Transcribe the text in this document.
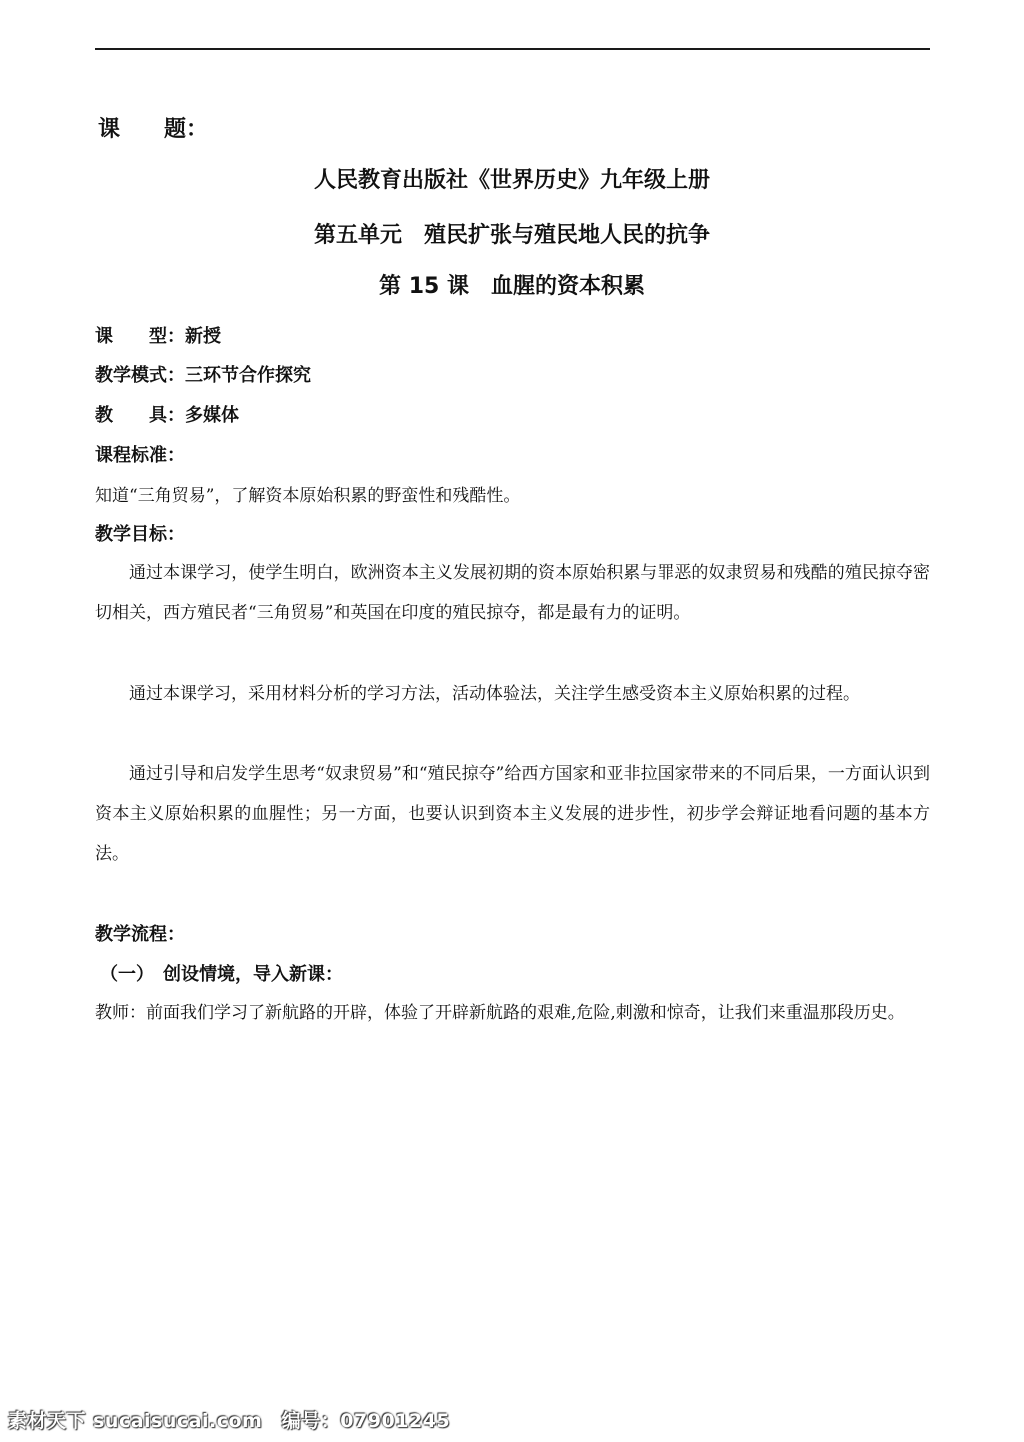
课　　题：
人民教育出版社《世界历史》九年级上册
第五单元　殖民扩张与殖民地人民的抗争
第 15 课　血腥的资本积累
课　　型：新授
教学模式：三环节合作探究
教　　具：多媒体
课程标准：
知道“三角贸易”，了解资本原始积累的野蛮性和残酷性。
教学目标：
通过本课学习，使学生明白，欧洲资本主义发展初期的资本原始积累与罪恶的奴隶贸易和残酷的殖民掠夺密切相关，西方殖民者“三角贸易”和英国在印度的殖民掠夺，都是最有力的证明。
通过本课学习，采用材料分析的学习方法，活动体验法，关注学生感受资本主义原始积累的过程。
通过引导和启发学生思考“奴隶贸易”和“殖民掠夺”给西方国家和亚非拉国家带来的不同后果，一方面认识到资本主义原始积累的血腥性；另一方面，也要认识到资本主义发展的进步性，初步学会辩证地看问题的基本方法。
教学流程：
（一）　创设情境，导入新课：
教师：前面我们学习了新航路的开辟，体验了开辟新航路的艰难,危险,刺激和惊奇，让我们来重温那段历史。
素材天下 sucaisucai.com　编号：07901245
